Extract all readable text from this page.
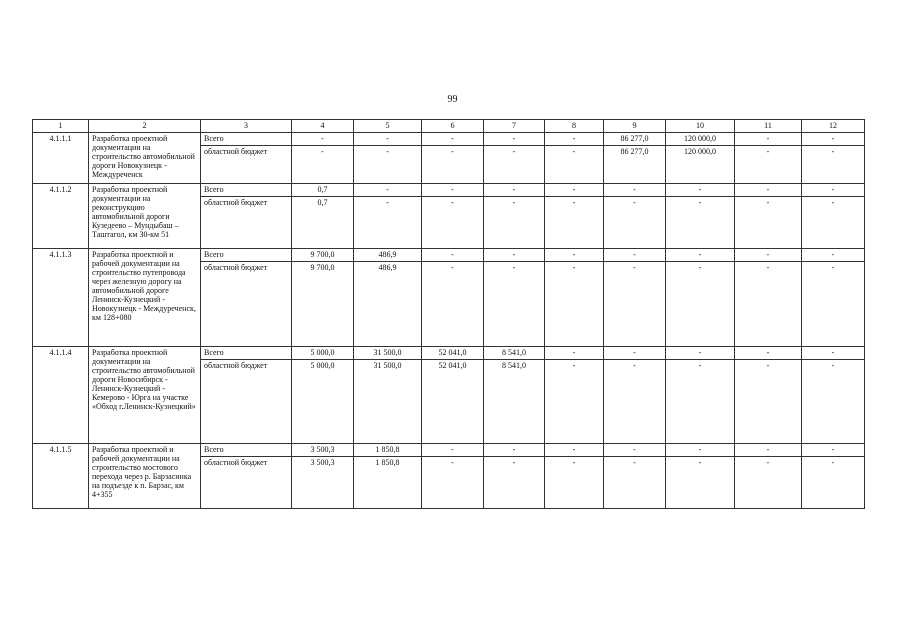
99
1	2	3	4	5	6	7	8	9	10	11	12
4.1.1.1	Разработка проектной документации на строительство автомобильной дороги Новокузнецк - Междуреченск	Всего	-	-	-	-	-	86 277,0	120 000,0	-	-
		областной бюджет	-	-	-	-	-	86 277,0	120 000,0	-	-
4.1.1.2	Разработка проектной документации на реконструкцию автомобильной дороги Кузедеево – Мундыбаш – Таштагол, км 30-км 51	Всего	0,7	-	-	-	-	-	-	-	-
		областной бюджет	0,7	-	-	-	-	-	-	-	-
4.1.1.3	Разработка проектной и рабочей документации на строительство путепровода через железную дорогу на автомобильной дороге Ленинск-Кузнецкий - Новокузнецк - Междуреченск, км 128+080	Всего	9 700,0	486,9	-	-	-	-	-	-	-
		областной бюджет	9 700,0	486,9	-	-	-	-	-	-	-
4.1.1.4	Разработка проектной документации на строительство автомобильной дороги Новосибирск - Ленинск-Кузнецкий - Кемерово - Юрга на участке «Обход г.Ленинск-Кузнецкий»	Всего	5 000,0	31 500,0	52 041,0	8 541,0	-	-	-	-	-
		областной бюджет	5 000,0	31 500,0	52 041,0	8 541,0	-	-	-	-	-
4.1.1.5	Разработка проектной и рабочей документации на строительство мостового перехода через р. Барзасинка на подъезде к п. Барзас, км 4+355	Всего	3 500,3	1 850,8	-	-	-	-	-	-	-
		областной бюджет	3 500,3	1 850,8	-	-	-	-	-	-	-
